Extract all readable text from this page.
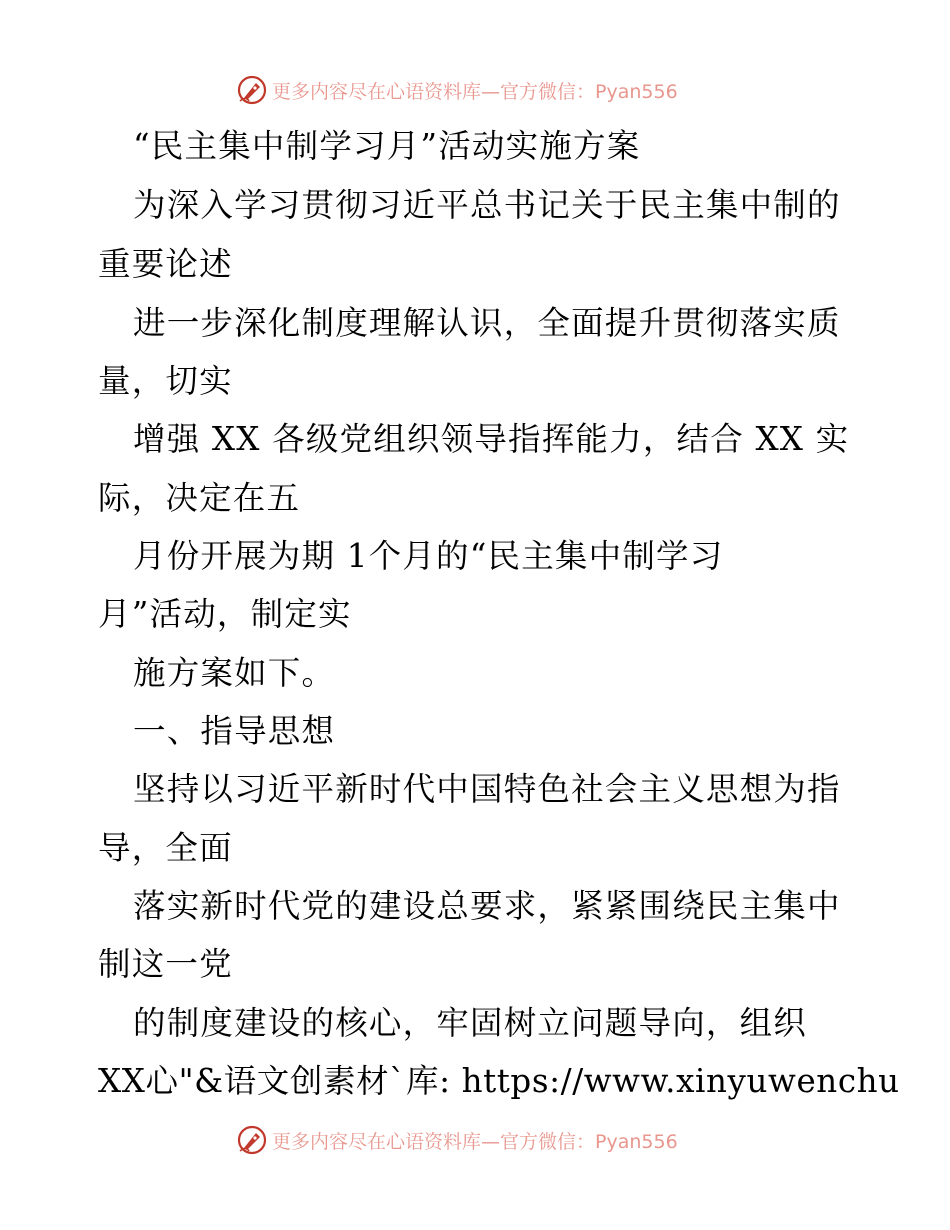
更多内容尽在心语资料库—官方微信：Pyan556
“民主集中制学习月”活动实施方案
为深入学习贯彻习近平总书记关于民主集中制的
重要论述
进一步深化制度理解认识，全面提升贯彻落实质
量，切实
增强 XX 各级党组织领导指挥能力，结合 XX 实
际，决定在五
月份开展为期 1个月的“民主集中制学习
月”活动，制定实
施方案如下。
一、指导思想
坚持以习近平新时代中国特色社会主义思想为指
导，全面
落实新时代党的建设总要求，紧紧围绕民主集中
制这一党
的制度建设的核心，牢固树立问题导向，组织
XX心"&语文创素材`库: https://www.xinyuwenchu
更多内容尽在心语资料库—官方微信：Pyan556
